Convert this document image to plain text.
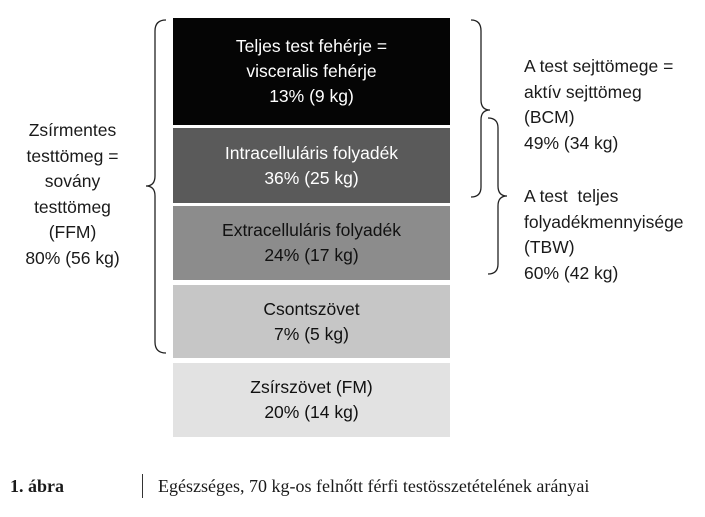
Teljes test fehérje =
visceralis fehérje
13% (9 kg)
Intracelluláris folyadék
36% (25 kg)
Extracelluláris folyadék
24% (17 kg)
Csontszövet
7% (5 kg)
Zsírszövet (FM)
20% (14 kg)
Zsírmentes
testtömeg =
sovány
testtömeg
(FFM)
80% (56 kg)
A test sejttömege =
aktív sejttömeg
(BCM)
49% (34 kg)
A test  teljes
folyadékmennyisége
(TBW)
60% (42 kg)
1. ábra	Egészséges, 70 kg-os felnőtt férfi testösszetételének arányai
